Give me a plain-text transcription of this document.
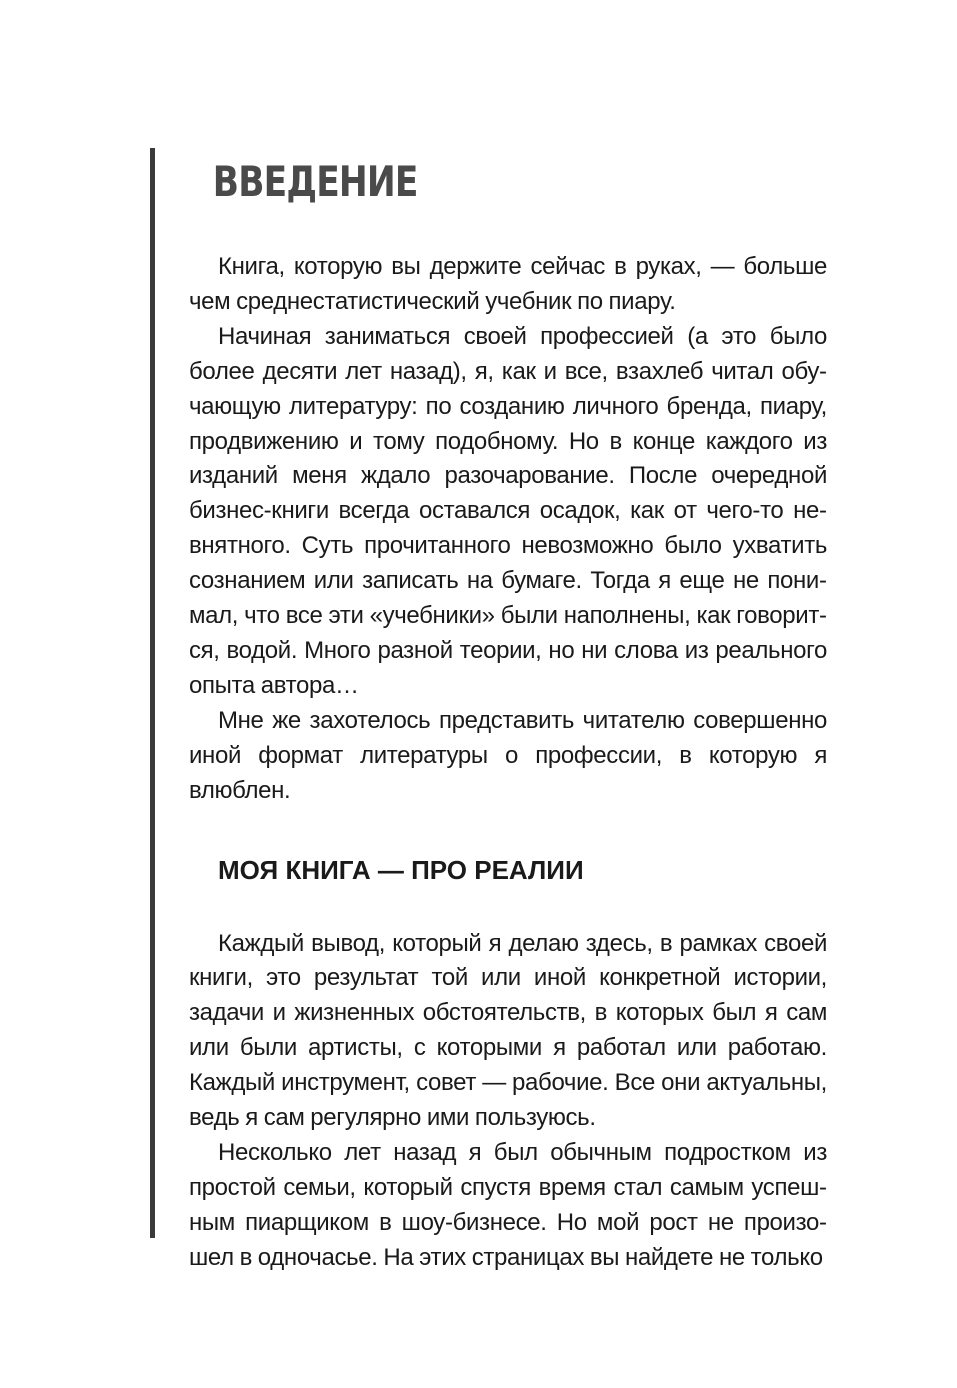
ВВЕДЕНИЕ

Книга, которую вы держите сейчас в руках, — больше чем среднестатистический учебник по пиару.

Начиная заниматься своей профессией (а это было более десяти лет назад), я, как и все, взахлеб читал обучающую литературу: по созданию личного бренда, пиару, продвижению и тому подобному. Но в конце каждого из изданий меня ждало разочарование. После очередной бизнес-книги всегда оставался осадок, как от чего-то невнятного. Суть прочитанного невозможно было ухватить сознанием или записать на бумаге. Тогда я еще не понимал, что все эти «учебники» были наполнены, как говорится, водой. Много разной теории, но ни слова из реального опыта автора…

Мне же захотелось представить читателю совершенно иной формат литературы о профессии, в которую я влюблен.

МОЯ КНИГА — ПРО РЕАЛИИ

Каждый вывод, который я делаю здесь, в рамках своей книги, это результат той или иной конкретной истории, задачи и жизненных обстоятельств, в которых был я сам или были артисты, с которыми я работал или работаю. Каждый инструмент, совет — рабочие. Все они актуальны, ведь я сам регулярно ими пользуюсь.

Несколько лет назад я был обычным подростком из простой семьи, который спустя время стал самым успешным пиарщиком в шоу-бизнесе. Но мой рост не произошел в одночасье. На этих страницах вы найдете не только
